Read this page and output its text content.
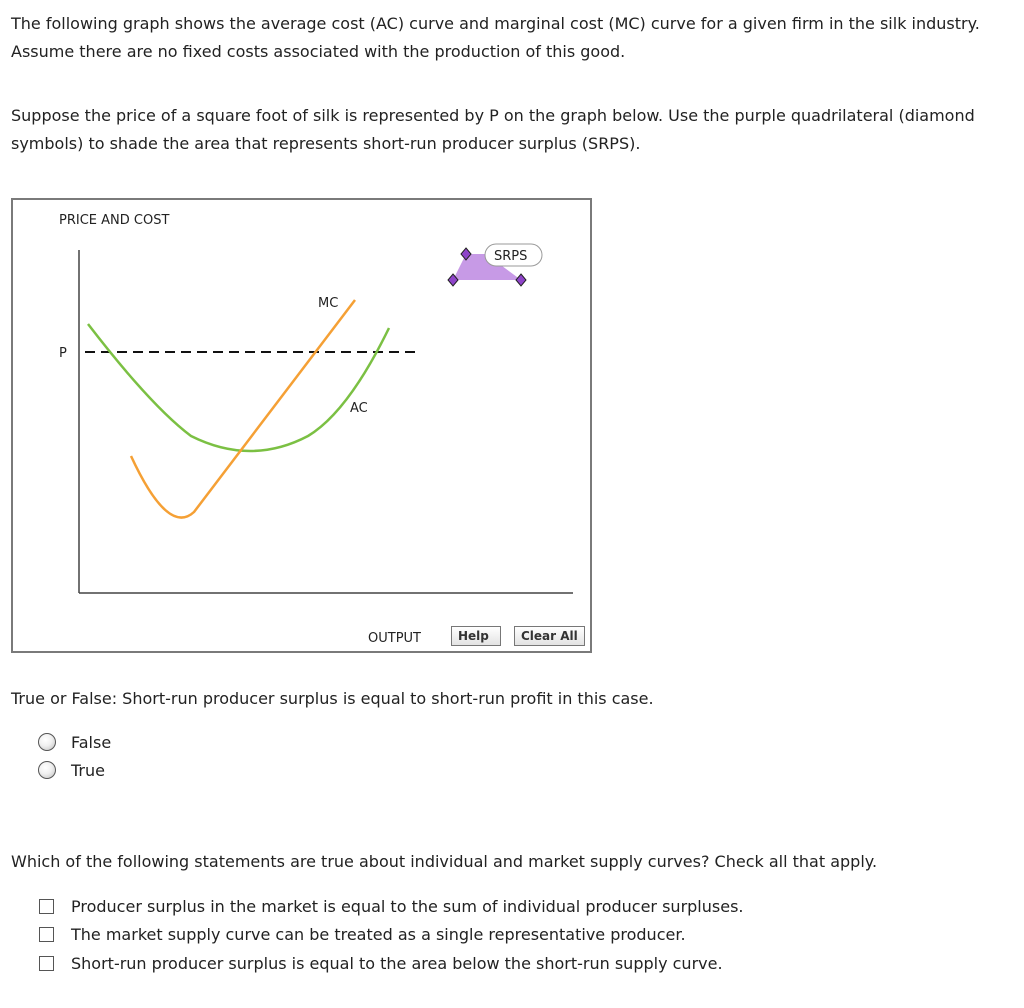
The following graph shows the average cost (AC) curve and marginal cost (MC) curve for a given firm in the silk industry. Assume there are no fixed costs associated with the production of this good.

Suppose the price of a square foot of silk is represented by P on the graph below. Use the purple quadrilateral (diamond symbols) to shade the area that represents short-run producer surplus (SRPS).

PRICE AND COST
P
AC
MC
SRPS
OUTPUT	Help	Clear All

True or False: Short-run producer surplus is equal to short-run profit in this case.

False
True

Which of the following statements are true about individual and market supply curves? Check all that apply.

Producer surplus in the market is equal to the sum of individual producer surpluses.
The market supply curve can be treated as a single representative producer.
Short-run producer surplus is equal to the area below the short-run supply curve.
